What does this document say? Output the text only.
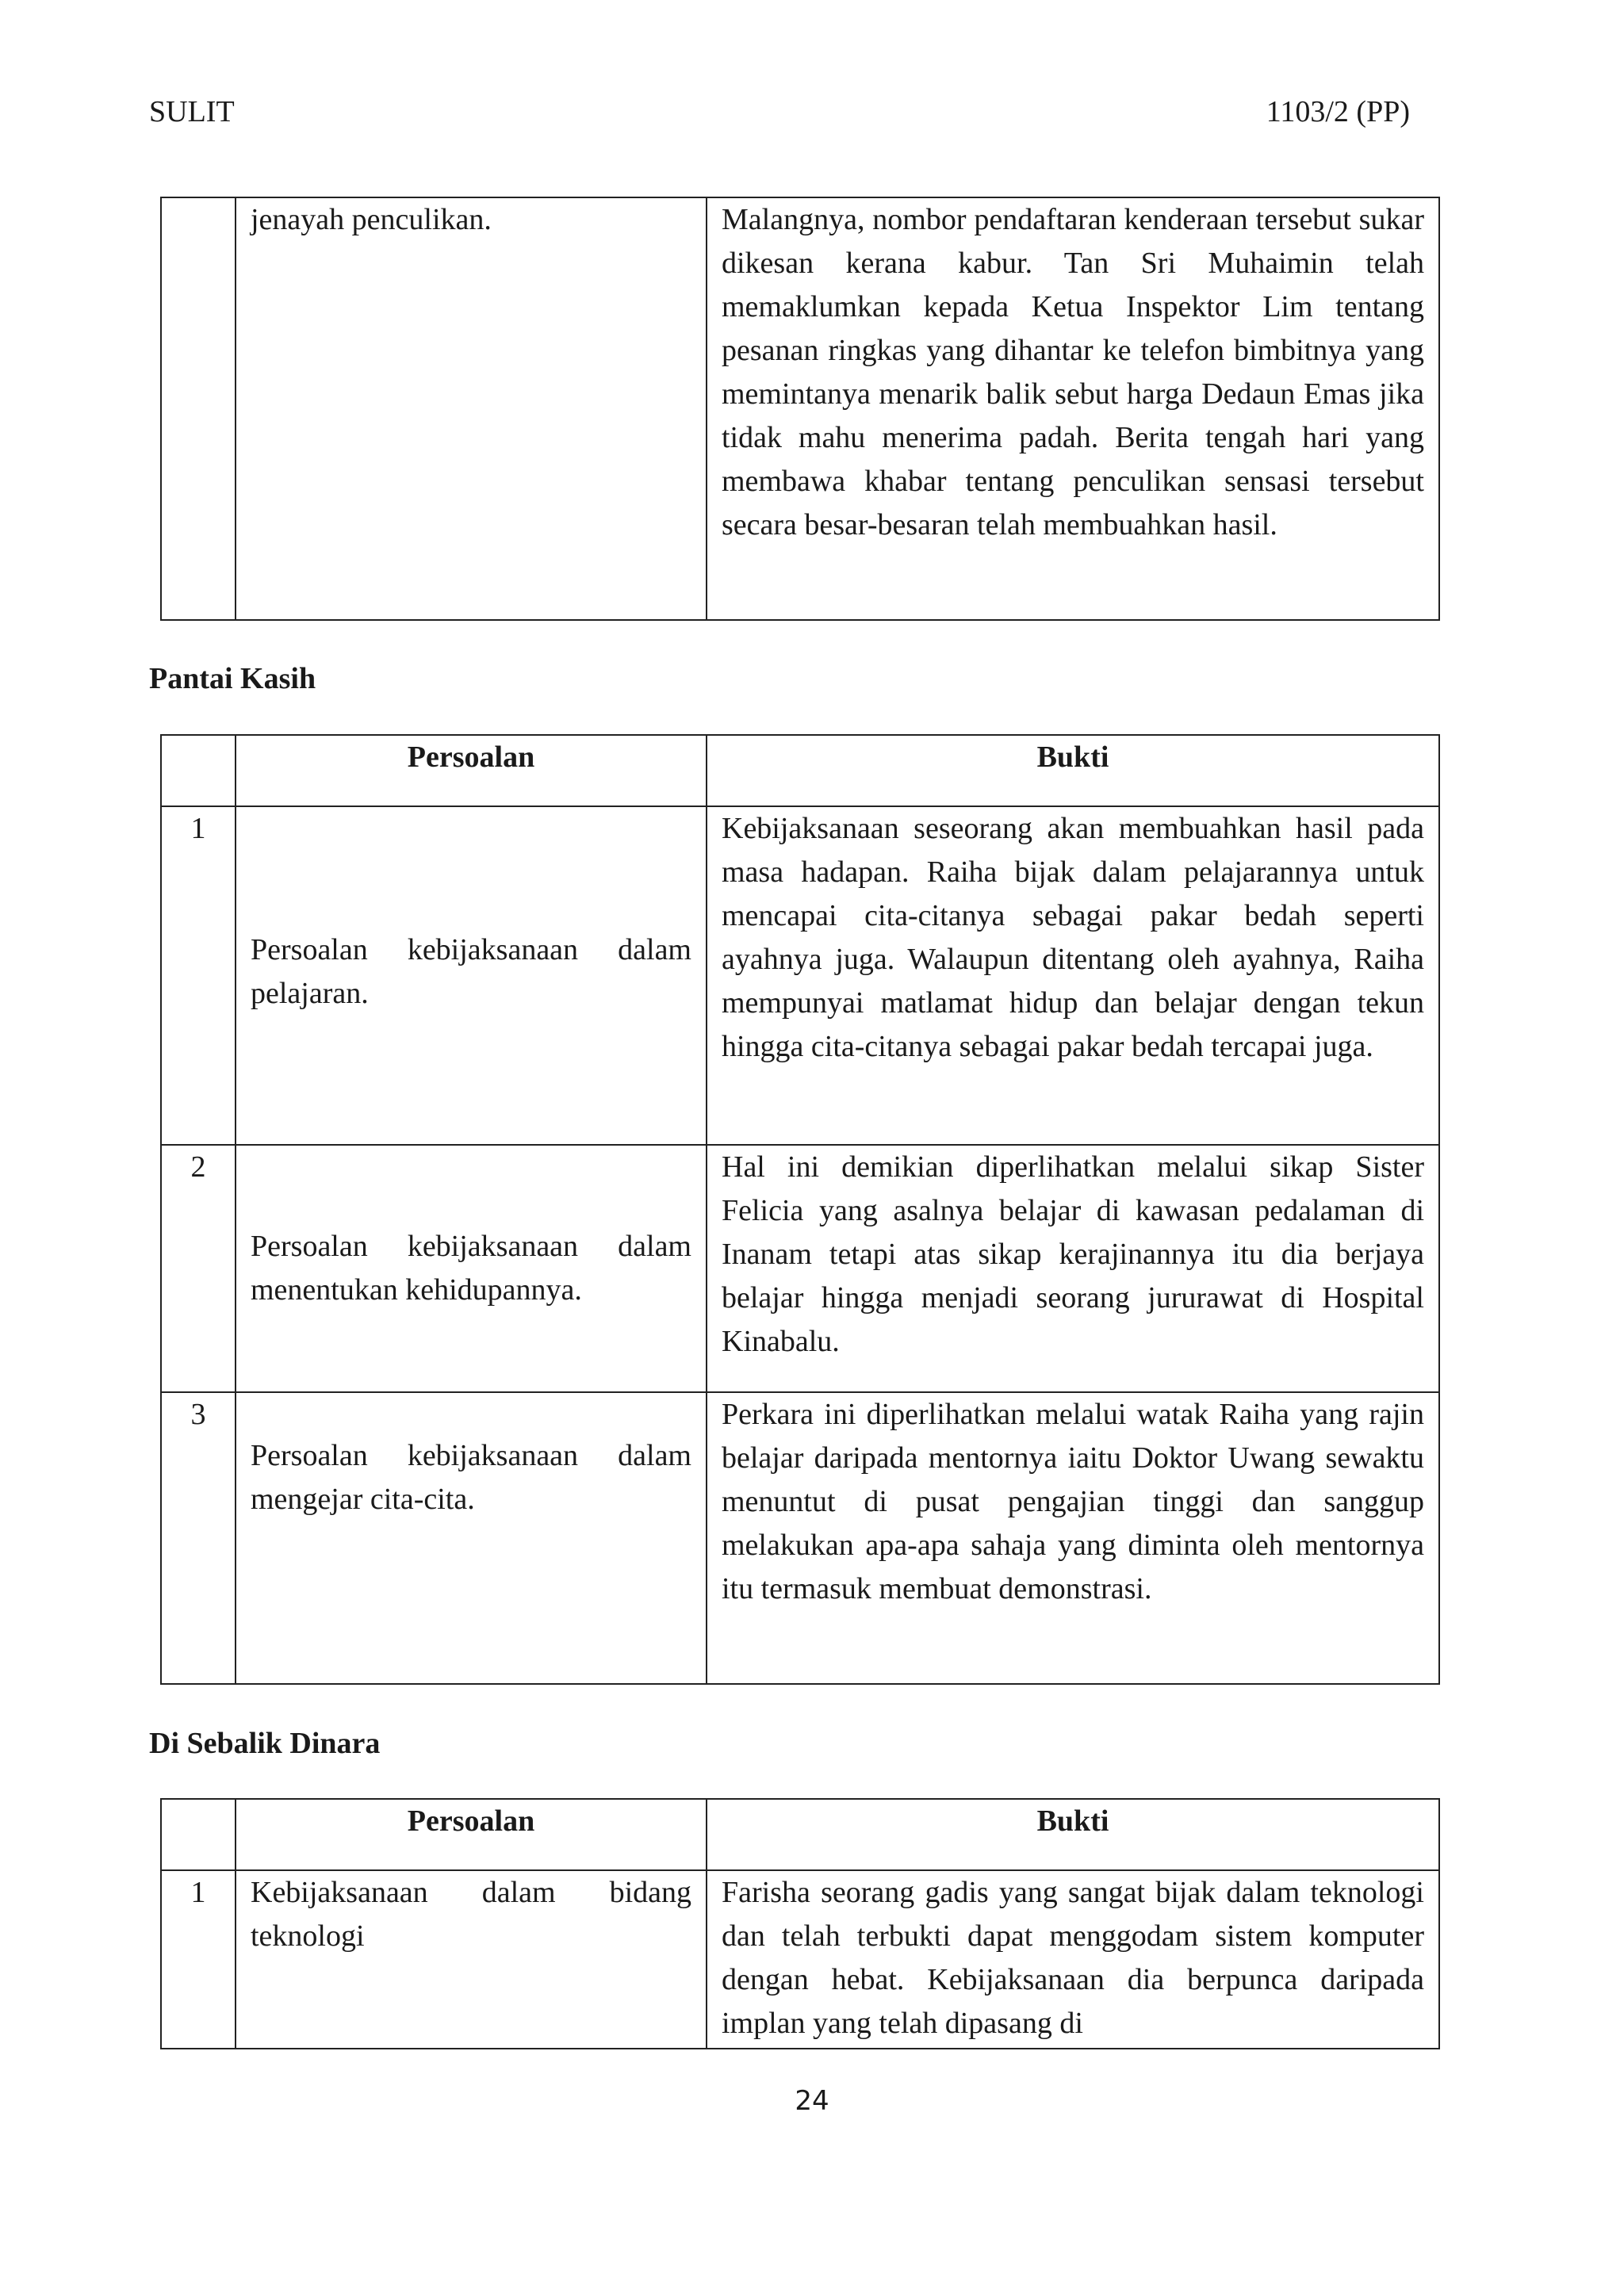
SULIT	1103/2 (PP)
	jenayah penculikan.	Malangnya, nombor pendaftaran kenderaan tersebut sukar dikesan kerana kabur. Tan Sri Muhaimin telah memaklumkan kepada Ketua Inspektor Lim tentang pesanan ringkas yang dihantar ke telefon bimbitnya yang memintanya menarik balik sebut harga Dedaun Emas jika tidak mahu menerima padah. Berita tengah hari yang membawa khabar tentang penculikan sensasi tersebut secara besar-besaran telah membuahkan hasil.
Pantai Kasih
	Persoalan	Bukti
1	Persoalan kebijaksanaan dalam pelajaran.	Kebijaksanaan seseorang akan membuahkan hasil pada masa hadapan. Raiha bijak dalam pelajarannya untuk mencapai cita-citanya sebagai pakar bedah seperti ayahnya juga. Walaupun ditentang oleh ayahnya, Raiha mempunyai matlamat hidup dan belajar dengan tekun hingga cita-citanya sebagai pakar bedah tercapai juga.
2	Persoalan kebijaksanaan dalam menentukan kehidupannya.	Hal ini demikian diperlihatkan melalui sikap Sister Felicia yang asalnya belajar di kawasan pedalaman di Inanam tetapi atas sikap kerajinannya itu dia berjaya belajar hingga menjadi seorang jururawat di Hospital Kinabalu.
3	Persoalan kebijaksanaan dalam mengejar cita-cita.	Perkara ini diperlihatkan melalui watak Raiha yang rajin belajar daripada mentornya iaitu Doktor Uwang sewaktu menuntut di pusat pengajian tinggi dan sanggup melakukan apa-apa sahaja yang diminta oleh mentornya itu termasuk membuat demonstrasi.
Di Sebalik Dinara
	Persoalan	Bukti
1	Kebijaksanaan dalam bidang teknologi	Farisha seorang gadis yang sangat bijak dalam teknologi dan telah terbukti dapat menggodam sistem komputer dengan hebat. Kebijaksanaan dia berpunca daripada implan yang telah dipasang di
24
